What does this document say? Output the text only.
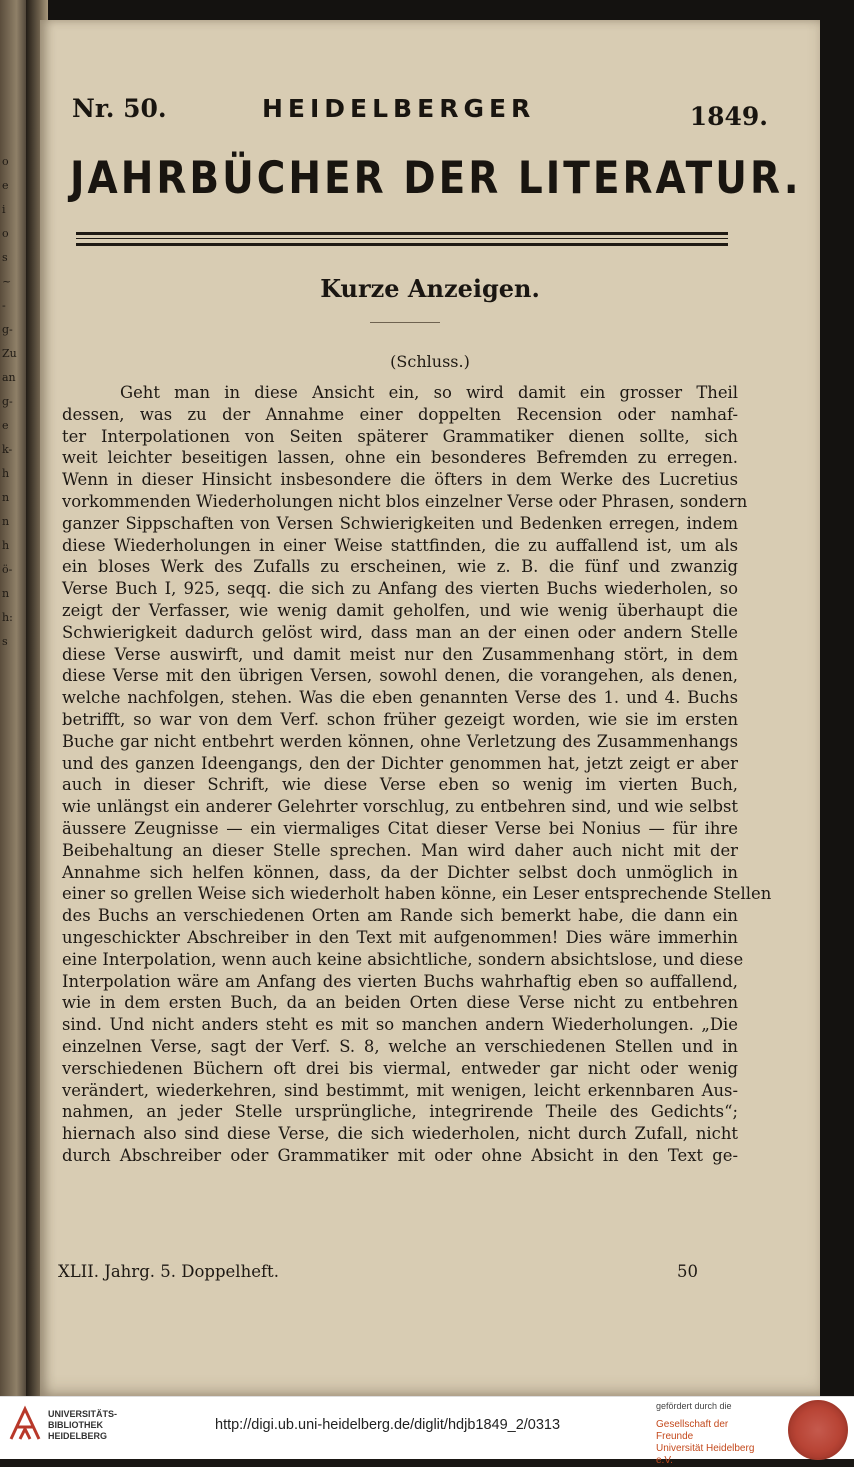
o
e
i
o
s
~
-
g-
Zu
an
g-
e
k-
h
n
n
h
ö-
n
h:
s
Nr. 50.	HEIDELBERGER	1849.
JAHRBÜCHER DER LITERATUR.
Kurze Anzeigen.
(Schluss.)
Geht man in diese Ansicht ein, so wird damit ein grosser Theil
dessen, was zu der Annahme einer doppelten Recension oder namhaf-
ter Interpolationen von Seiten späterer Grammatiker dienen sollte, sich
weit leichter beseitigen lassen, ohne ein besonderes Befremden zu erregen.
Wenn in dieser Hinsicht insbesondere die öfters in dem Werke des Lucretius
vorkommenden Wiederholungen nicht blos einzelner Verse oder Phrasen, sondern
ganzer Sippschaften von Versen Schwierigkeiten und Bedenken erregen, indem
diese Wiederholungen in einer Weise stattfinden, die zu auffallend ist, um als
ein bloses Werk des Zufalls zu erscheinen, wie z. B. die fünf und zwanzig
Verse Buch I, 925, seqq. die sich zu Anfang des vierten Buchs wiederholen, so
zeigt der Verfasser, wie wenig damit geholfen, und wie wenig überhaupt die
Schwierigkeit dadurch gelöst wird, dass man an der einen oder andern Stelle
diese Verse auswirft, und damit meist nur den Zusammenhang stört, in dem
diese Verse mit den übrigen Versen, sowohl denen, die vorangehen, als denen,
welche nachfolgen, stehen. Was die eben genannten Verse des 1. und 4. Buchs
betrifft, so war von dem Verf. schon früher gezeigt worden, wie sie im ersten
Buche gar nicht entbehrt werden können, ohne Verletzung des Zusammenhangs
und des ganzen Ideengangs, den der Dichter genommen hat, jetzt zeigt er aber
auch in dieser Schrift, wie diese Verse eben so wenig im vierten Buch,
wie unlängst ein anderer Gelehrter vorschlug, zu entbehren sind, und wie selbst
äussere Zeugnisse — ein viermaliges Citat dieser Verse bei Nonius — für ihre
Beibehaltung an dieser Stelle sprechen. Man wird daher auch nicht mit der
Annahme sich helfen können, dass, da der Dichter selbst doch unmöglich in
einer so grellen Weise sich wiederholt haben könne, ein Leser entsprechende Stellen
des Buchs an verschiedenen Orten am Rande sich bemerkt habe, die dann ein
ungeschickter Abschreiber in den Text mit aufgenommen! Dies wäre immerhin
eine Interpolation, wenn auch keine absichtliche, sondern absichtslose, und diese
Interpolation wäre am Anfang des vierten Buchs wahrhaftig eben so auffallend,
wie in dem ersten Buch, da an beiden Orten diese Verse nicht zu entbehren
sind. Und nicht anders steht es mit so manchen andern Wiederholungen. „Die
einzelnen Verse, sagt der Verf. S. 8, welche an verschiedenen Stellen und in
verschiedenen Büchern oft drei bis viermal, entweder gar nicht oder wenig
verändert, wiederkehren, sind bestimmt, mit wenigen, leicht erkennbaren Aus-
nahmen, an jeder Stelle ursprüngliche, integrirende Theile des Gedichts“;
hiernach also sind diese Verse, die sich wiederholen, nicht durch Zufall, nicht
durch Abschreiber oder Grammatiker mit oder ohne Absicht in den Text ge-
XLII. Jahrg. 5. Doppelheft.	50
UNIVERSITÄTS-
BIBLIOTHEK
HEIDELBERG
http://digi.ub.uni-heidelberg.de/diglit/hdjb1849_2/0313
gefördert durch die
Gesellschaft der Freunde
Universität Heidelberg e.V.
